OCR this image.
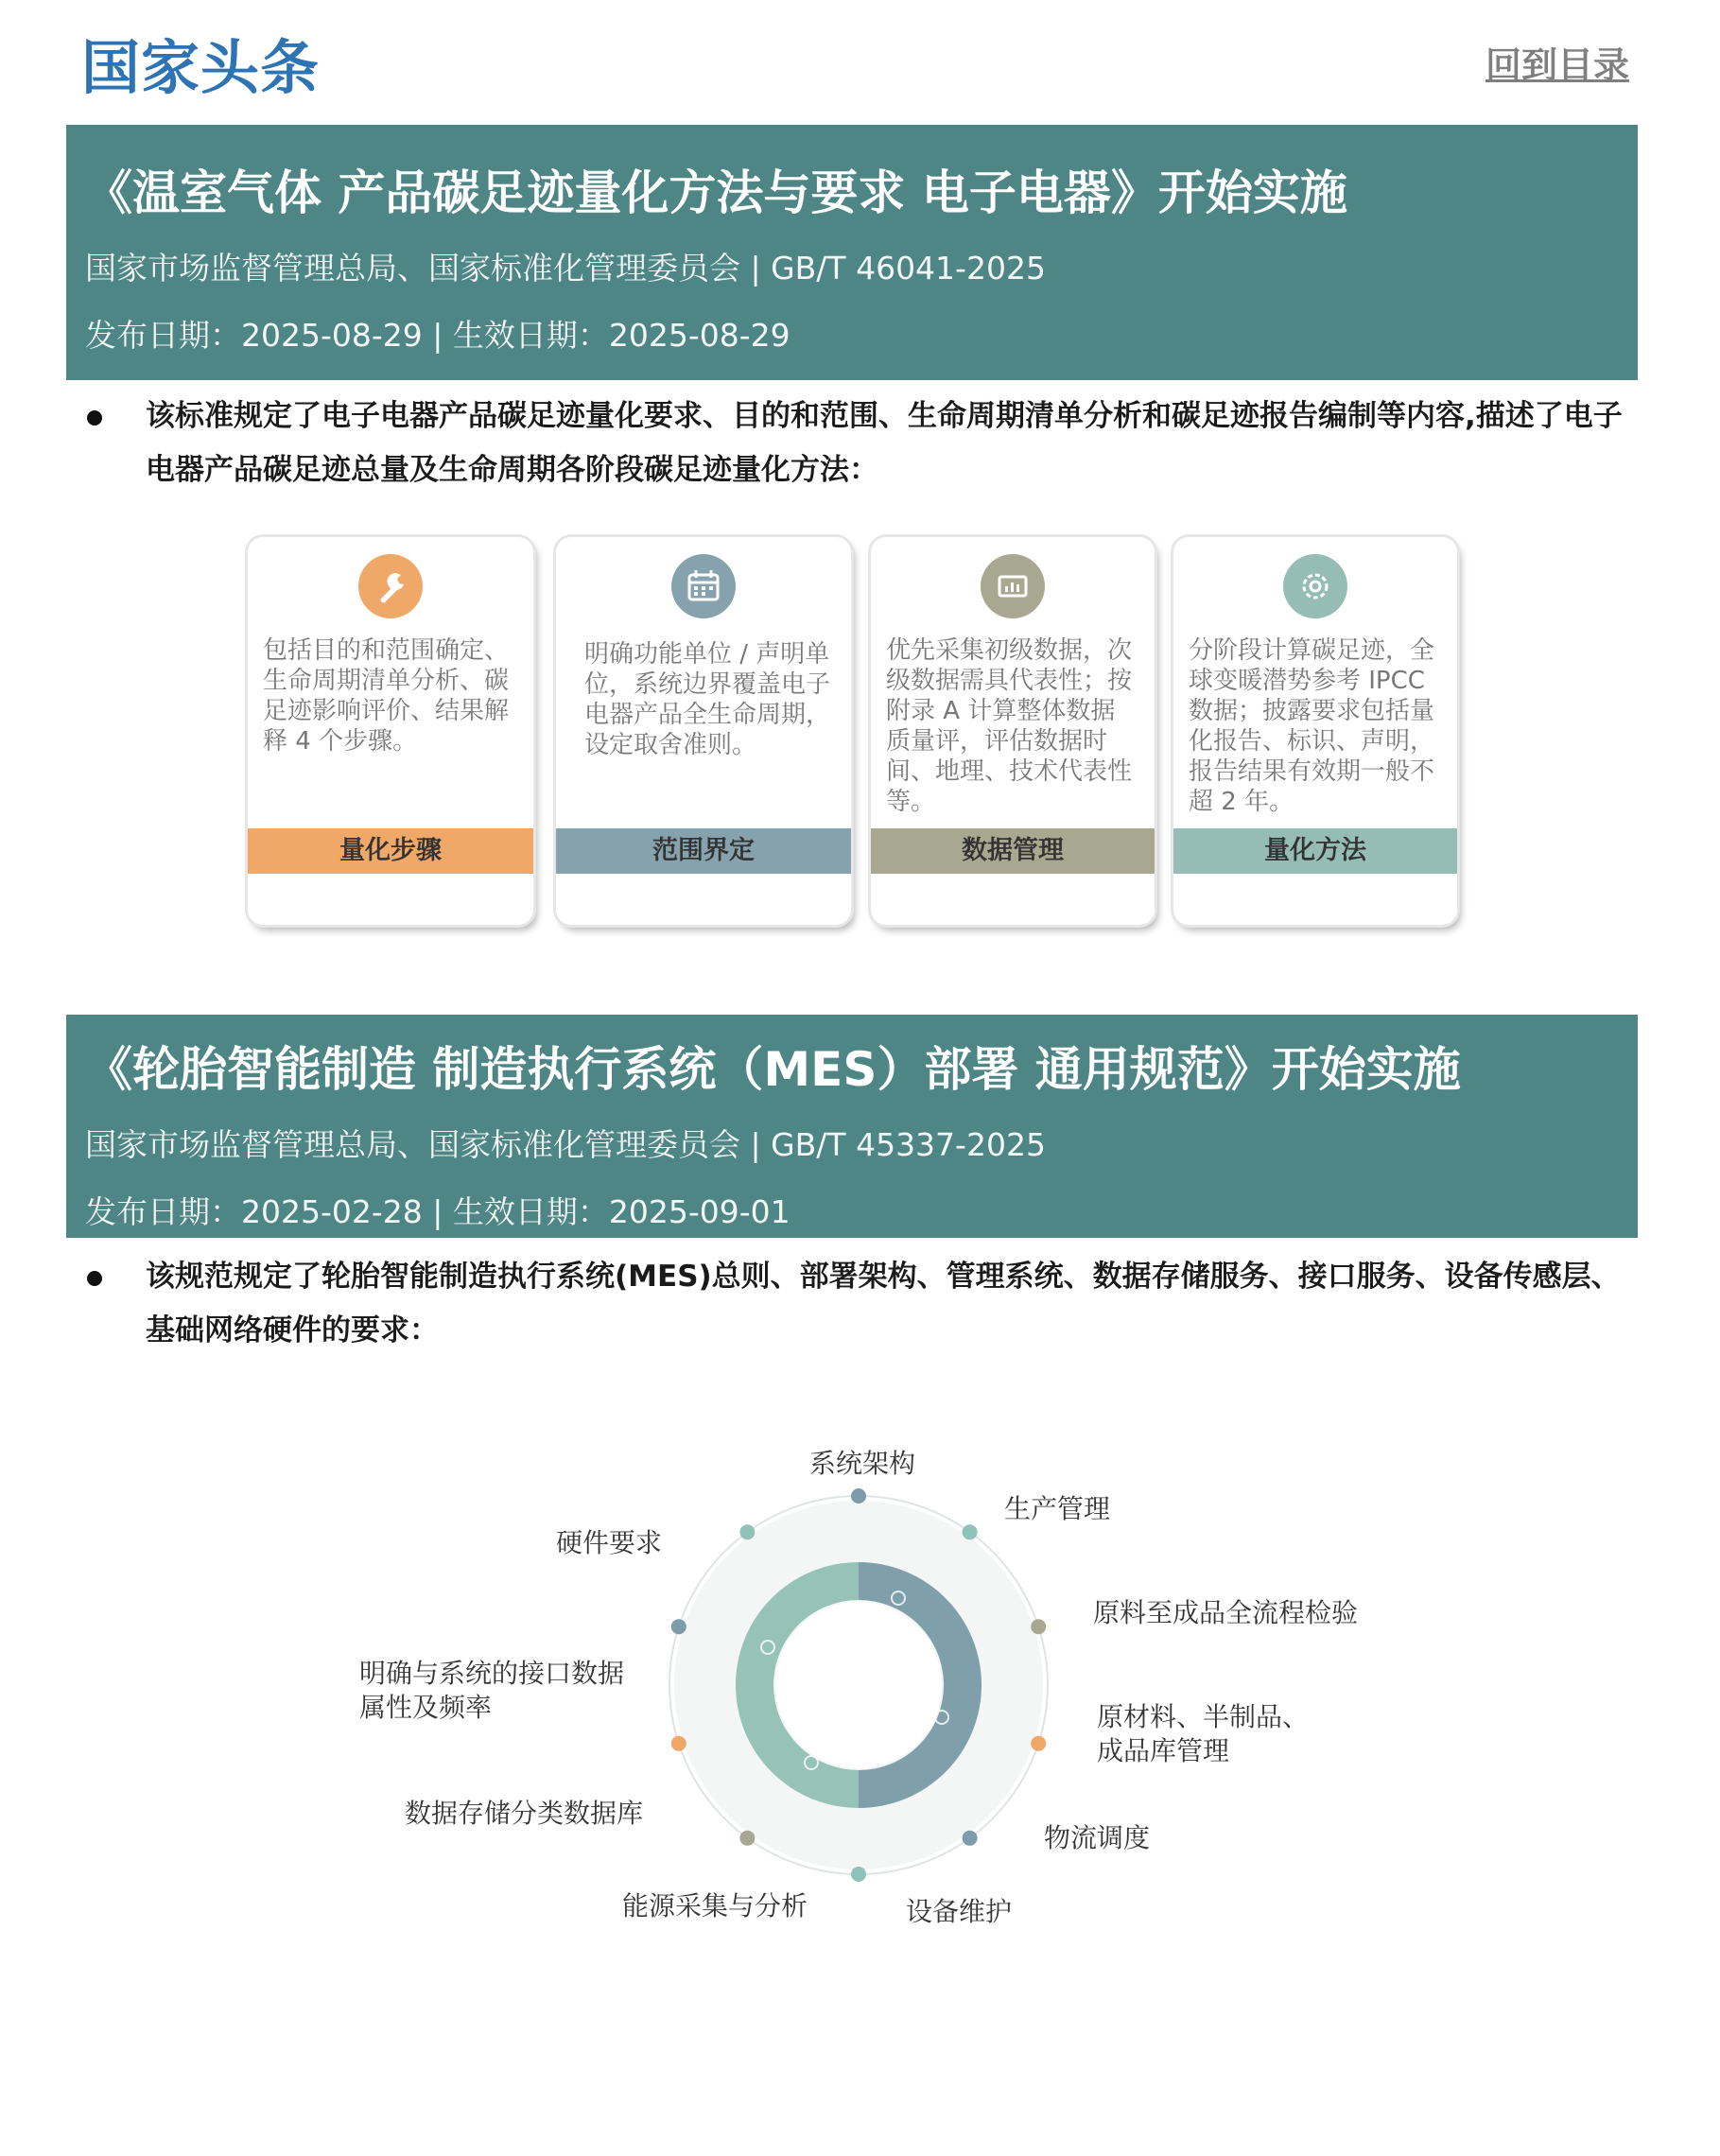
国家头条	回到目录
《温室气体 产品碳足迹量化方法与要求 电子电器》开始实施
国家市场监督管理总局、国家标准化管理委员会 | GB/T 46041-2025
发布日期：2025-08-29 | 生效日期：2025-08-29
该标准规定了电子电器产品碳足迹量化要求、目的和范围、生命周期清单分析和碳足迹报告编制等内容,描述了电子电器产品碳足迹总量及生命周期各阶段碳足迹量化方法：
包括目的和范围确定、生命周期清单分析、碳足迹影响评价、结果解释 4 个步骤。
量化步骤
明确功能单位 / 声明单位，系统边界覆盖电子电器产品全生命周期，设定取舍准则。
范围界定
优先采集初级数据，次级数据需具代表性；按附录 A 计算整体数据质量评，评估数据时间、地理、技术代表性等。
数据管理
分阶段计算碳足迹，全球变暖潜势参考 IPCC 数据；披露要求包括量化报告、标识、声明，报告结果有效期一般不超 2 年。
量化方法
《轮胎智能制造 制造执行系统（MES）部署 通用规范》开始实施
国家市场监督管理总局、国家标准化管理委员会 | GB/T 45337-2025
发布日期：2025-02-28 | 生效日期：2025-09-01
该规范规定了轮胎智能制造执行系统(MES)总则、部署架构、管理系统、数据存储服务、接口服务、设备传感层、基础网络硬件的要求：
系统架构
生产管理
原料至成品全流程检验
原材料、半制品、成品库管理
物流调度
设备维护
能源采集与分析
数据存储分类数据库
明确与系统的接口数据属性及频率
硬件要求
